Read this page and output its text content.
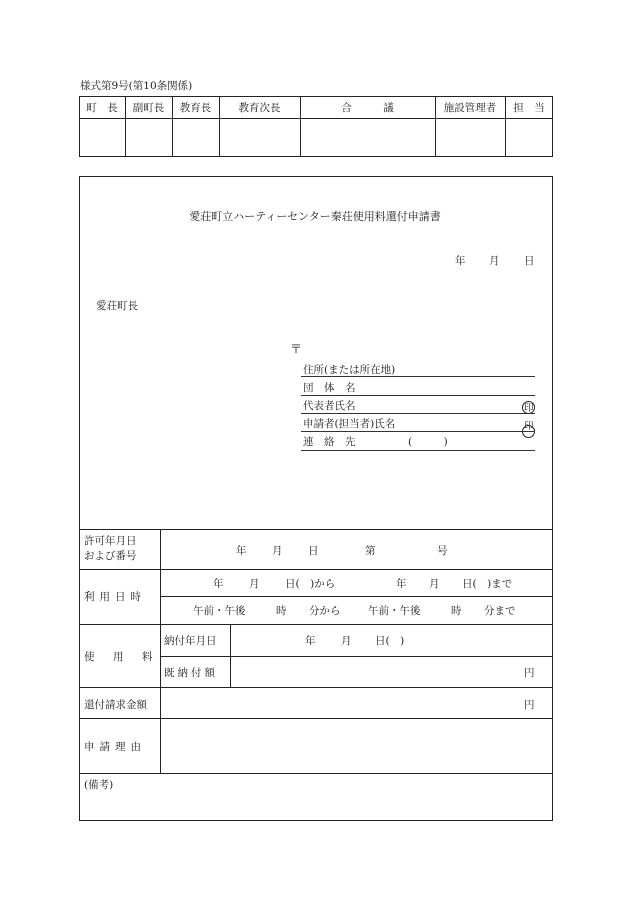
様式第9号(第10条関係)
町　長	副町長	教育長	教育次長	合　　　議	施設管理者	担　当
愛荘町立ハーティーセンター秦荘使用料還付申請書
年 月 日
愛荘町長
〒
住所(または所在地)
団　体　名
代表者氏名	印
申請者(担当者)氏名	印
連　絡　先	(　　　)
許可年月日
および番号	年 月 日	第	号
利用日時
年 月 日(　)から	年 月 日(　)まで
午前・午後	時 分から	午前・午後	時 分まで
使　用　料
納付年月日	年 月 日(　)
既納付額	円
還付請求金額	円
申請理由
(備考)
